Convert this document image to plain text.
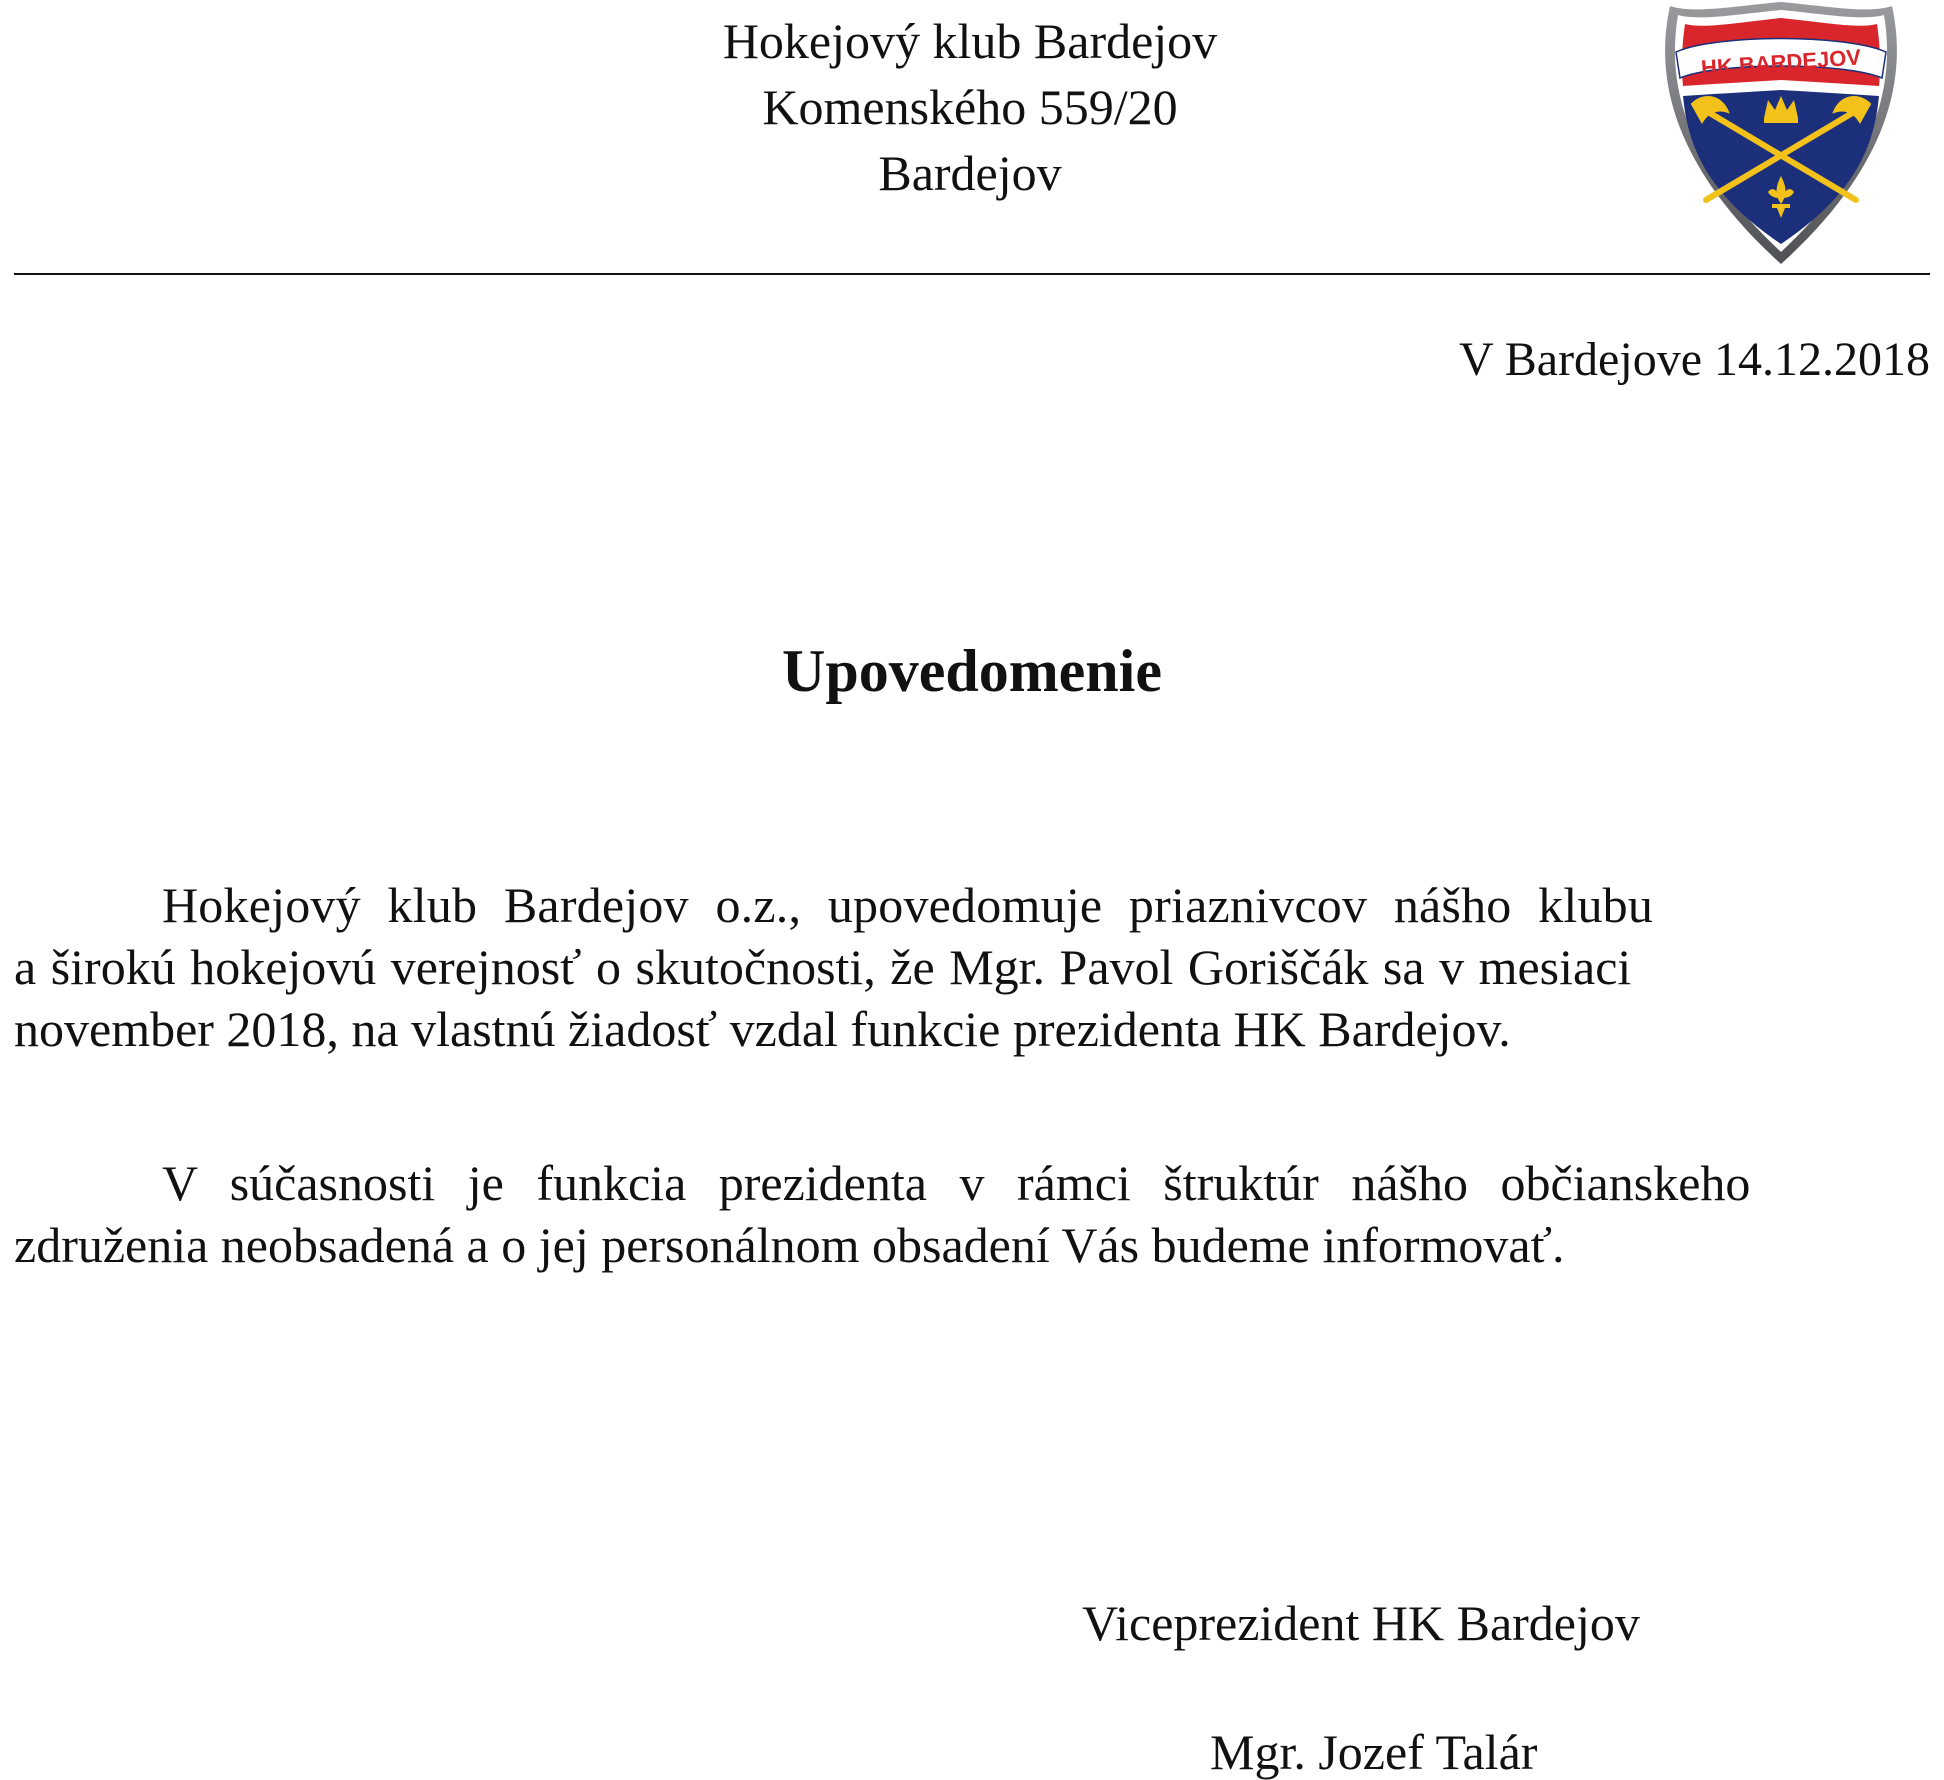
Hokejový klub Bardejov
Komenského 559/20
Bardejov
HK BARDEJOV
V Bardejove 14.12.2018
Upovedomenie
Hokejový klub Bardejov o.z., upovedomuje priaznivcov nášho klubu
a širokú hokejovú verejnosť o skutočnosti, že Mgr. Pavol Goriščák sa v mesiaci
november 2018, na vlastnú žiadosť vzdal funkcie prezidenta HK Bardejov.
V súčasnosti je funkcia prezidenta v rámci štruktúr nášho občianskeho
združenia neobsadená a o jej personálnom obsadení Vás budeme informovať.
Viceprezident HK Bardejov
Mgr. Jozef Talár
